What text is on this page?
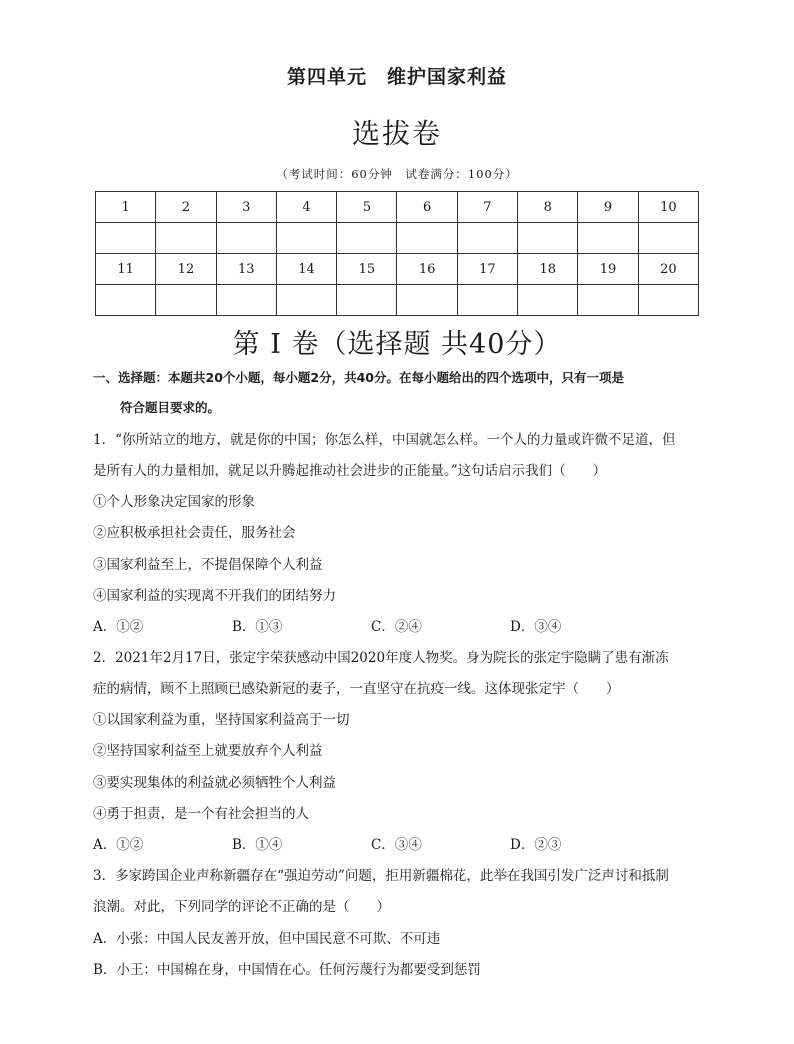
第四单元　维护国家利益
选拔卷
（考试时间：60分钟　试卷满分：100分）
1	2	3	4	5	6	7	8	9	10

11	12	13	14	15	16	17	18	19	20

第 I 卷（选择题 共40分）
一、选择题：本题共20个小题，每小题2分，共40分。在每小题给出的四个选项中，只有一项是
符合题目要求的。
1．“你所站立的地方，就是你的中国；你怎么样，中国就怎么样。一个人的力量或许微不足道，但
是所有人的力量相加，就足以升腾起推动社会进步的正能量。”这句话启示我们（　　）
①个人形象决定国家的形象
②应积极承担社会责任，服务社会
③国家利益至上，不提倡保障个人利益
④国家利益的实现离不开我们的团结努力
A．①②	B．①③	C．②④	D．③④
2．2021年2月17日，张定宇荣获感动中国2020年度人物奖。身为院长的张定宇隐瞒了患有渐冻
症的病情，顾不上照顾已感染新冠的妻子，一直坚守在抗疫一线。这体现张定宇（　　）
①以国家利益为重，坚持国家利益高于一切
②坚持国家利益至上就要放弃个人利益
③要实现集体的利益就必须牺牲个人利益
④勇于担责，是一个有社会担当的人
A．①②	B．①④	C．③④	D．②③
3．多家跨国企业声称新疆存在“强迫劳动”问题，拒用新疆棉花，此举在我国引发广泛声讨和抵制
浪潮。对此，下列同学的评论不正确的是（　　）
A．小张：中国人民友善开放，但中国民意不可欺、不可违
B．小王：中国棉在身，中国情在心。任何污蔑行为都要受到惩罚
